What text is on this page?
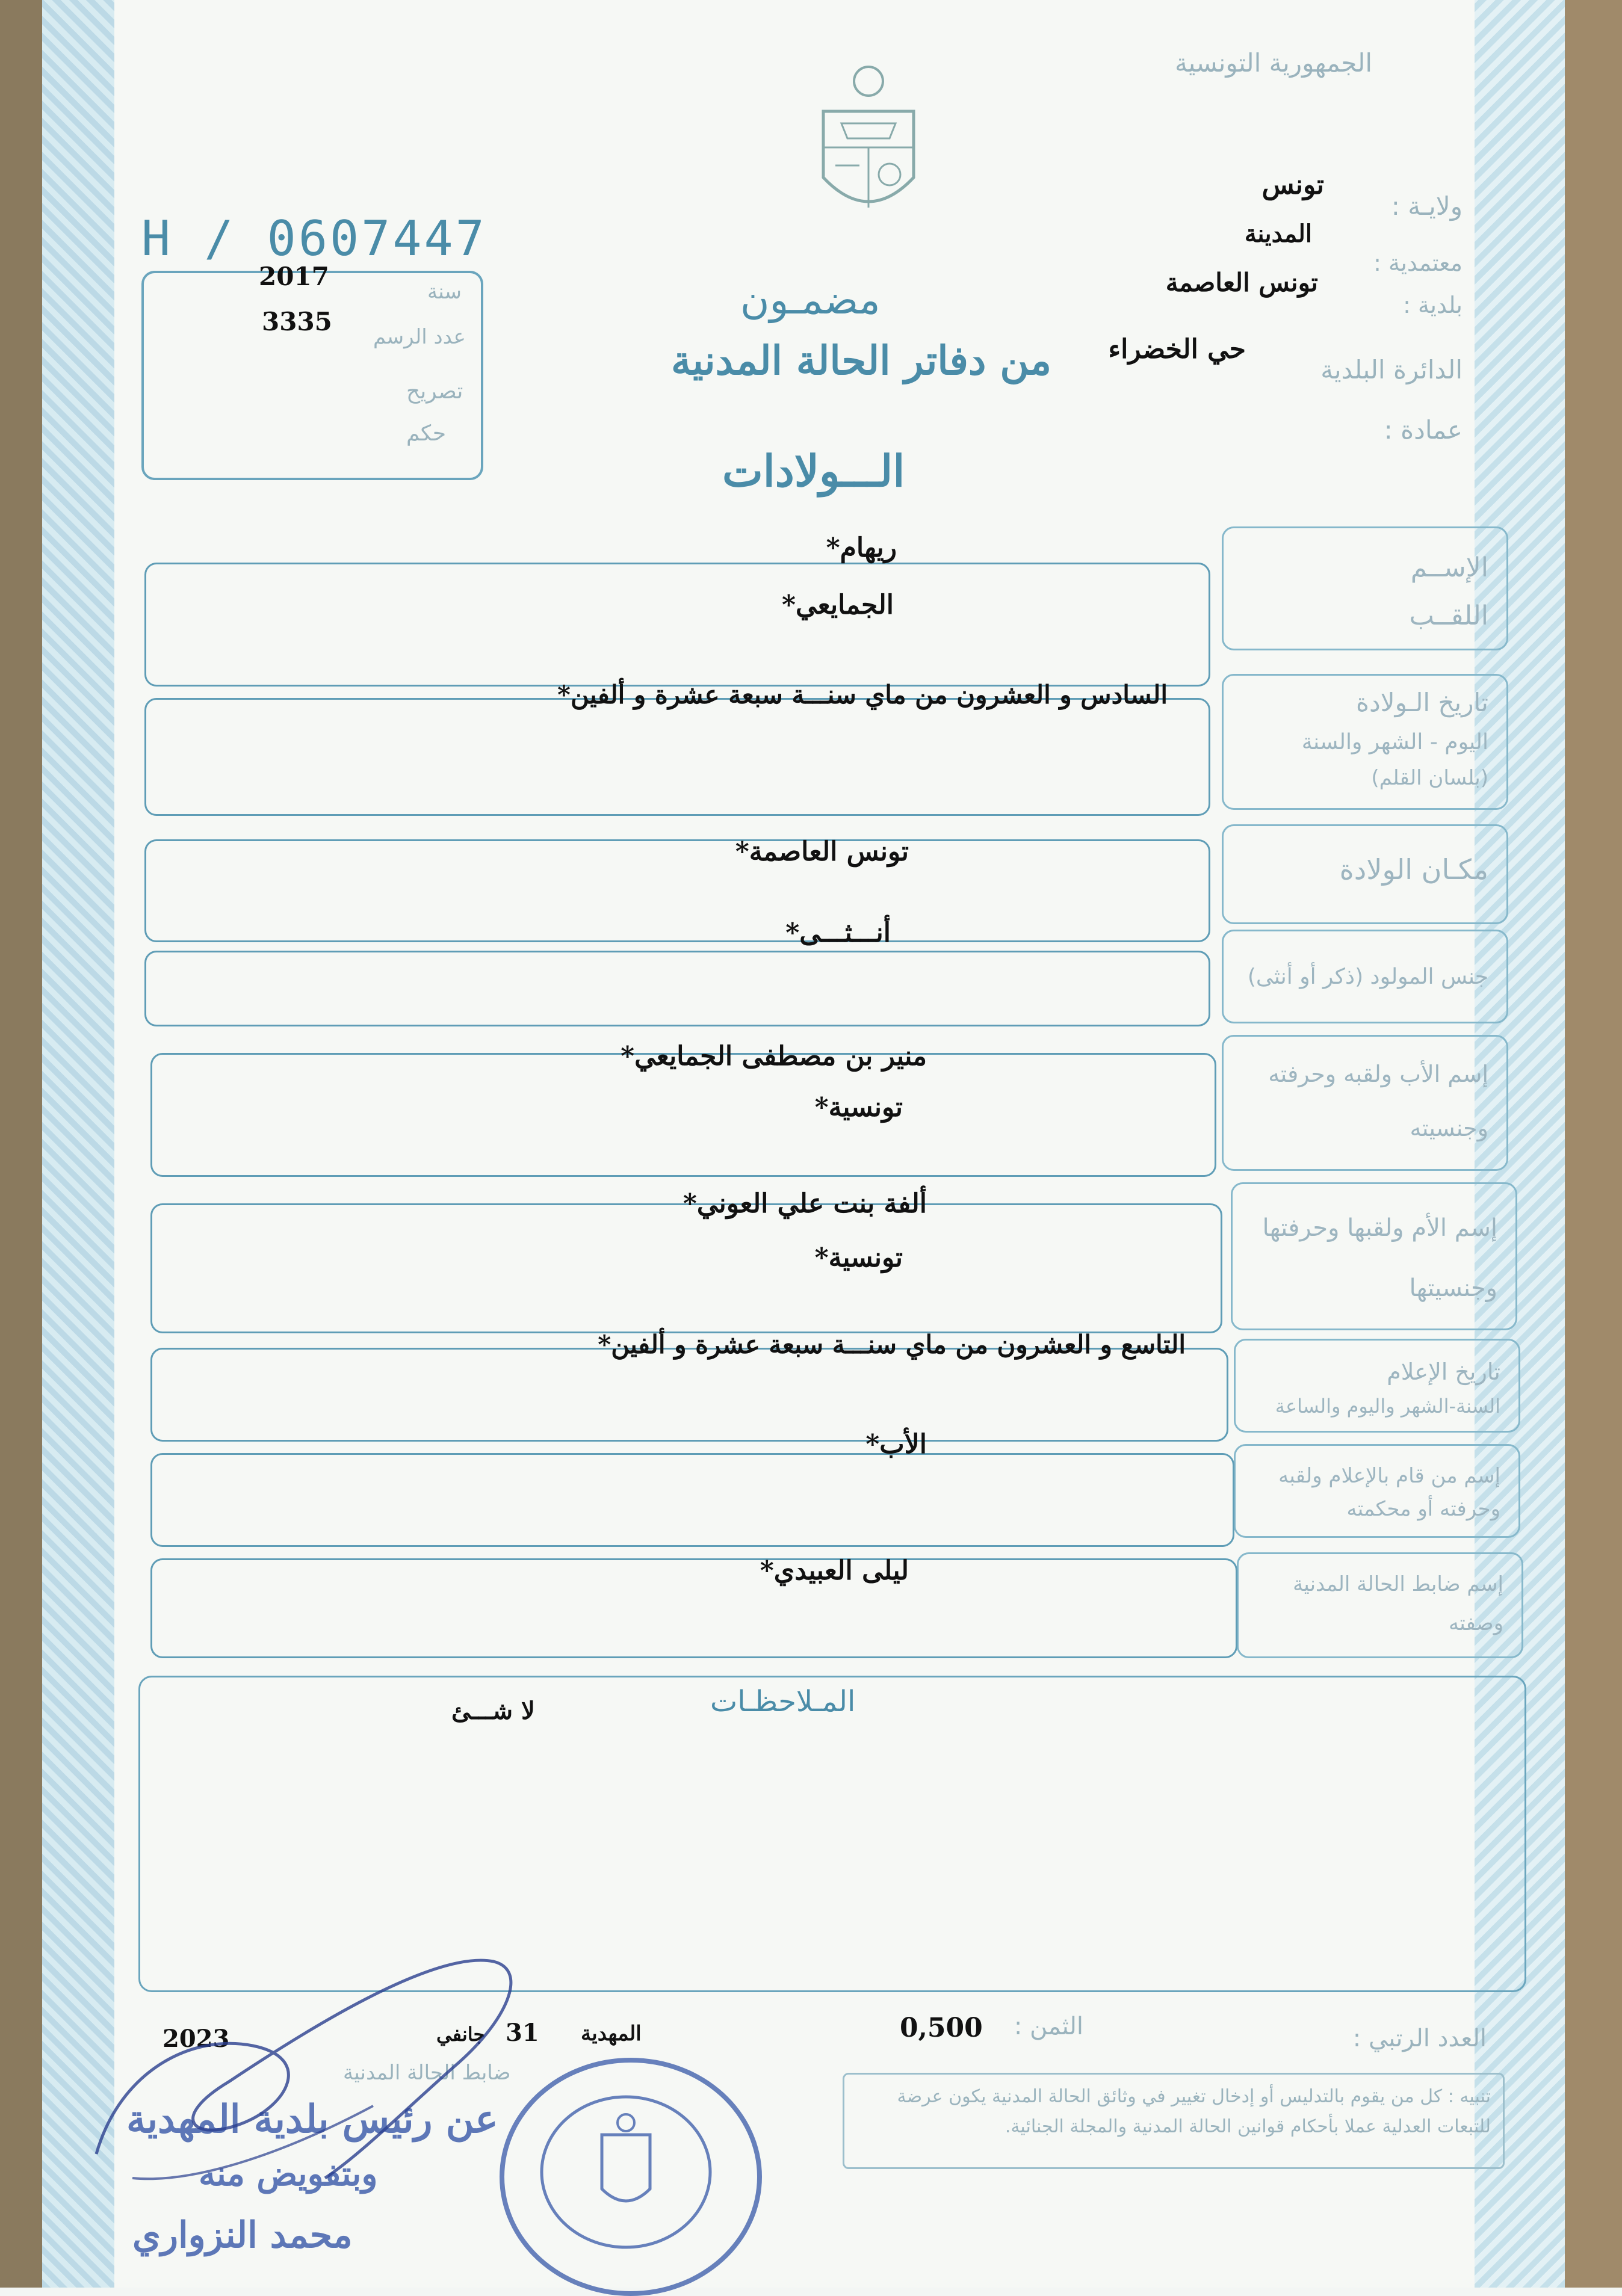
الجمهورية التونسية
ولايـة :
تونس
معتمدية :
المدينة
بلدية :
تونس العاصمة
الدائرة البلدية
حي الخضراء
عمادة :
H / 0607447
سنة
2017
عدد الرسم
3335
تصريح
حكم
مضمـون
من دفاتر الحالة المدنية
الـــولادات
الإســم
اللقــب
ريهام*
الجمايعي*
تاريخ الـولادة
اليوم - الشهر والسنة
(بلسان القلم)
السادس و العشرون من ماي سنـــة سبعة عشرة و ألفين*
مكـان الولادة
تونس العاصمة*
جنس المولود (ذكر أو أنثى)
أنـــثـــى*
إسم الأب ولقبه وحرفته
وجنسيته
منير بن مصطفى الجمايعي*
تونسية*
إسم الأم ولقبها وحرفتها
وجنسيتها
ألفة بنت علي العوني*
تونسية*
تاريخ الإعلام
السنة-الشهر واليوم والساعة
التاسع و العشرون من ماي سنـــة سبعة عشرة و ألفين*
إسم من قام بالإعلام ولقبه
وحرفته أو محكمته
الأب*
إسم ضابط الحالة المدنية
وصفته
ليلى العبيدي*
المـلاحظـات
لا شـــئ
العدد الرتبي :
الثمن :
0,500
المهدية
31
جانفي
2023
ضابط الحالة المدنية
تنبيه : كل من يقوم بالتدليس أو إدخال تغيير في وثائق الحالة المدنية يكون عرضة للتبعات العدلية عملا بأحكام قوانين الحالة المدنية والمجلة الجنائية.
عن رئيس بلدية المهدية
وبتفويض منه
محمد النزواري
